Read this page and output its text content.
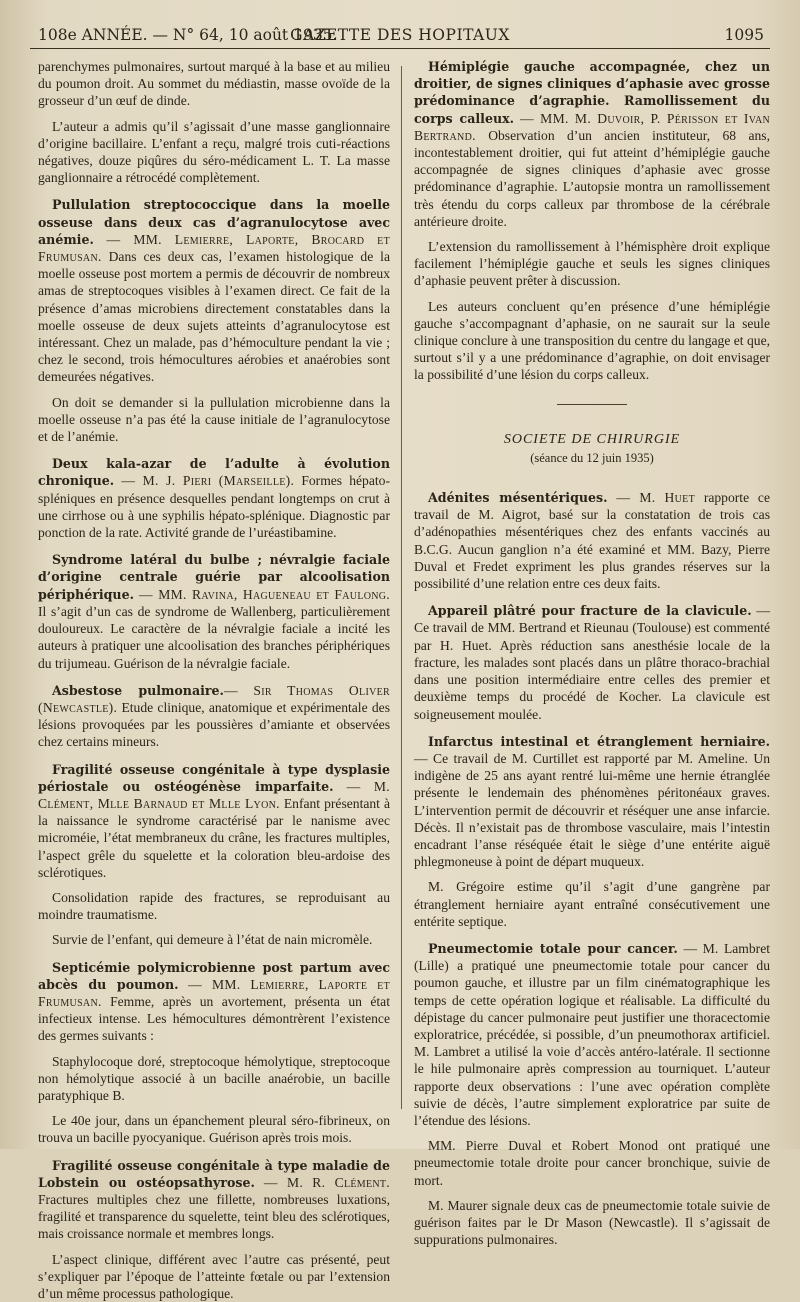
108e ANNÉE. — N° 64, 10 août 1935.
GAZETTE DES HOPITAUX	1095

parenchymes pulmonaires, surtout marqué à la base et au milieu du poumon droit. Au sommet du médiastin, masse ovoïde de la grosseur d’un œuf de dinde.

L’auteur a admis qu’il s’agissait d’une masse ganglionnaire d’origine bacillaire. L’enfant a reçu, malgré trois cuti-réactions négatives, douze piqûres du séro-médicament L. T. La masse ganglionnaire a rétrocédé complètement.

Pullulation streptococcique dans la moelle osseuse dans deux cas d’agranulocytose avec anémie. — MM. Lemierre, Laporte, Brocard et Frumusan. Dans ces deux cas, l’examen histologique de la moelle osseuse post mortem a permis de découvrir de nombreux amas de streptocoques visibles à l’examen direct. Ce fait de la présence d’amas microbiens directement constatables dans la moelle osseuse de deux sujets atteints d’agranulocytose est intéressant. Chez un malade, pas d’hémoculture pendant la vie ; chez le second, trois hémocultures aérobies et anaérobies sont demeurées négatives.

On doit se demander si la pullulation microbienne dans la moelle osseuse n’a pas été la cause initiale de l’agranulocytose et de l’anémie.

Deux kala-azar de l’adulte à évolution chronique. — M. J. Pieri (Marseille). Formes hépato-spléniques en présence desquelles pendant longtemps on crut à une cirrhose ou à une syphilis hépato-splénique. Diagnostic par ponction de la rate. Activité grande de l’uréastibamine.

Syndrome latéral du bulbe ; névralgie faciale d’origine centrale guérie par alcoolisation périphérique. — MM. Ravina, Hagueneau et Faulong. Il s’agit d’un cas de syndrome de Wallenberg, particulièrement douloureux. Le caractère de la névralgie faciale a incité les auteurs à pratiquer une alcoolisation des branches périphériques du trijumeau. Guérison de la névralgie faciale.

Asbestose pulmonaire.— Sir Thomas Oliver (Newcastle). Etude clinique, anatomique et expérimentale des lésions provoquées par les poussières d’amiante et observées chez certains mineurs.

Fragilité osseuse congénitale à type dysplasie périostale ou ostéogénèse imparfaite. — M. Clément, Mlle Barnaud et Mlle Lyon. Enfant présentant à la naissance le syndrome caractérisé par le nanisme avec microméie, l’état membraneux du crâne, les fractures multiples, l’aspect grêle du squelette et la coloration bleu-ardoise des sclérotiques.

Consolidation rapide des fractures, se reproduisant au moindre traumatisme.

Survie de l’enfant, qui demeure à l’état de nain micromèle.

Septicémie polymicrobienne post partum avec abcès du poumon. — MM. Lemierre, Laporte et Frumusan. Femme, après un avortement, présenta un état infectieux intense. Les hémocultures démontrèrent l’existence des germes suivants :

Staphylocoque doré, streptocoque hémolytique, streptocoque non hémolytique associé à un bacille anaérobie, un bacille paratyphique B.

Le 40e jour, dans un épanchement pleural séro-fibrineux, on trouva un bacille pyocyanique. Guérison après trois mois.

Fragilité osseuse congénitale à type maladie de Lobstein ou ostéopsathyrose. — M. R. Clément. Fractures multiples chez une fillette, nombreuses luxations, fragilité et transparence du squelette, teint bleu des sclérotiques, mais croissance normale et membres longs.

L’aspect clinique, différent avec l’autre cas présenté, peut s’expliquer par l’époque de l’atteinte fœtale ou par l’extension d’un même processus pathologique.

Hémiplégie gauche accompagnée, chez un droitier, de signes cliniques d’aphasie avec grosse prédominance d’agraphie. Ramollissement du corps calleux. — MM. M. Duvoir, P. Périsson et Ivan Bertrand. Observation d’un ancien instituteur, 68 ans, incontestablement droitier, qui fut atteint d’hémiplégie gauche accompagnée de signes cliniques d’aphasie avec grosse prédominance d’agraphie. L’autopsie montra un ramollissement très étendu du corps calleux par thrombose de la cérébrale antérieure droite.

L’extension du ramollissement à l’hémisphère droit explique facilement l’hémiplégie gauche et seuls les signes cliniques d’aphasie peuvent prêter à discussion.

Les auteurs concluent qu’en présence d’une hémiplégie gauche s’accompagnant d’aphasie, on ne saurait sur la seule clinique conclure à une transposition du centre du langage et que, surtout s’il y a une prédominance d’agraphie, on doit envisager la possibilité d’une lésion du corps calleux.

SOCIETE DE CHIRURGIE
(séance du 12 juin 1935)

Adénites mésentériques. — M. Huet rapporte ce travail de M. Aigrot, basé sur la constatation de trois cas d’adénopathies mésentériques chez des enfants vaccinés au B.C.G. Aucun ganglion n’a été examiné et MM. Bazy, Pierre Duval et Fredet expriment les plus grandes réserves sur la possibilité d’une relation entre ces deux faits.

Appareil plâtré pour fracture de la clavicule. — Ce travail de MM. Bertrand et Rieunau (Toulouse) est commenté par H. Huet. Après réduction sans anesthésie locale de la fracture, les malades sont placés dans un plâtre thoraco-brachial dans une position intermédiaire entre celles des premier et deuxième temps du procédé de Kocher. La clavicule est soigneusement moulée.

Infarctus intestinal et étranglement herniaire. — Ce travail de M. Curtillet est rapporté par M. Ameline. Un indigène de 25 ans ayant rentré lui-même une hernie étranglée présente le lendemain des phénomènes péritonéaux graves. L’intervention permit de découvrir et réséquer une anse infarcie. Décès. Il n’existait pas de thrombose vasculaire, mais l’intestin encadrant l’anse réséquée était le siège d’une entérite aiguë phlegmoneuse à point de départ muqueux.

M. Grégoire estime qu’il s’agit d’une gangrène par étranglement herniaire ayant entraîné consécutivement une entérite septique.

Pneumectomie totale pour cancer. — M. Lambret (Lille) a pratiqué une pneumectomie totale pour cancer du poumon gauche, et illustre par un film cinématographique les temps de cette opération logique et réalisable. La difficulté du dépistage du cancer pulmonaire peut justifier une thoracectomie exploratrice, précédée, si possible, d’un pneumothorax artificiel. M. Lambret a utilisé la voie d’accès antéro-latérale. Il sectionne le hile pulmonaire après compression au tourniquet. L’auteur rapporte deux observations : l’une avec opération complète suivie de décès, l’autre simplement exploratrice par suite de l’étendue des lésions.

MM. Pierre Duval et Robert Monod ont pratiqué une pneumectomie totale droite pour cancer bronchique, suivie de mort.

M. Maurer signale deux cas de pneumectomie totale suivie de guérison faites par le Dr Mason (Newcastle). Il s’agissait de suppurations pulmonaires.
